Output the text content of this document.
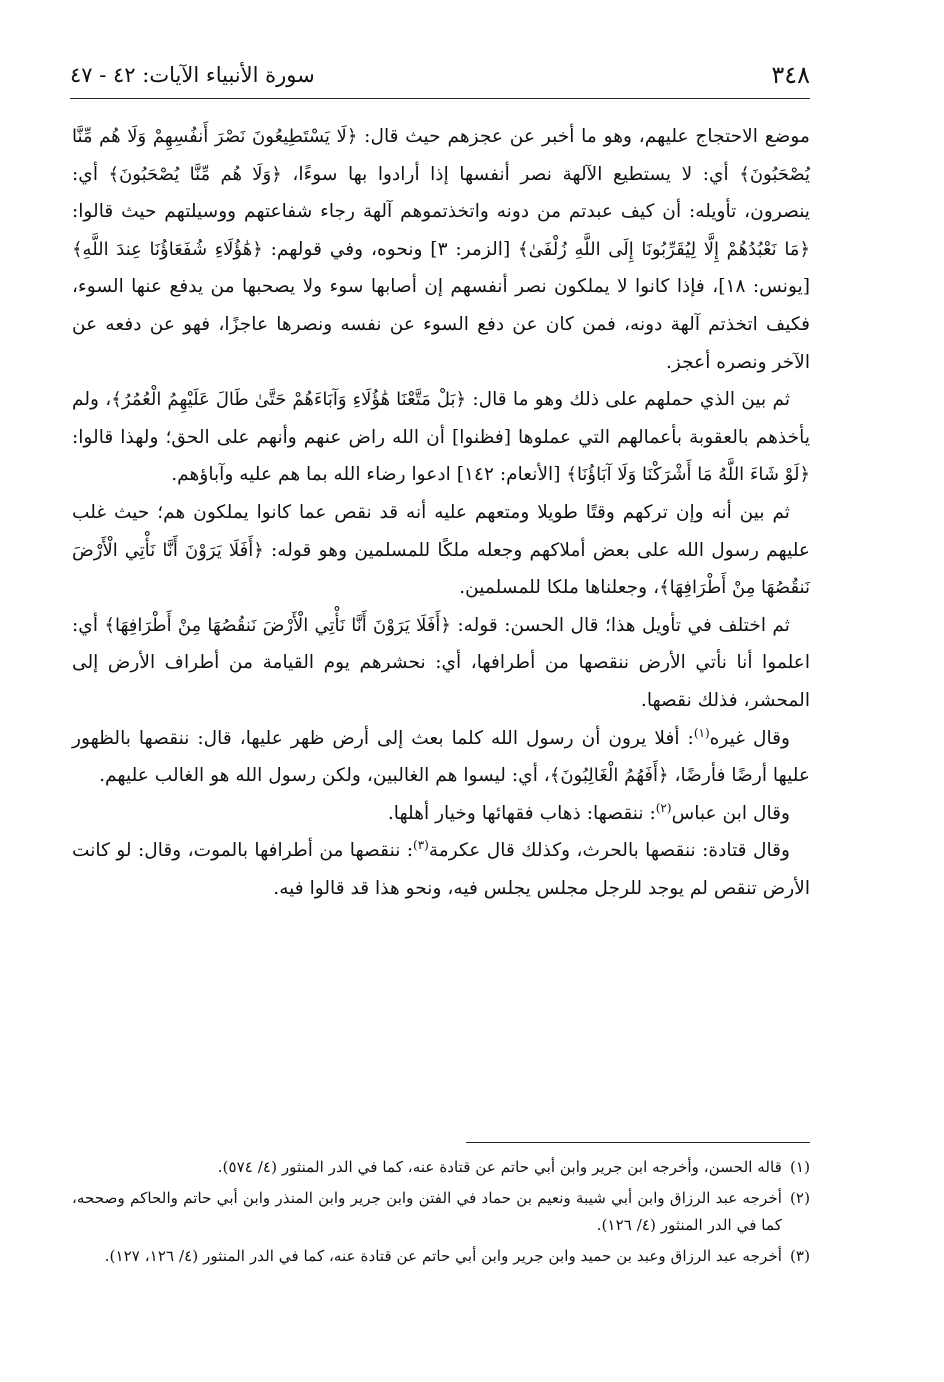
٣٤٨
سورة الأنبياء الآيات: ٤٢ - ٤٧

موضع الاحتجاج عليهم، وهو ما أخبر عن عجزهم حيث قال: ﴿لَا يَسْتَطِيعُونَ نَصْرَ أَنفُسِهِمْ وَلَا هُم مِّنَّا يُصْحَبُونَ﴾ أي: لا يستطيع الآلهة نصر أنفسها إذا أرادوا بها سوءًا، ﴿وَلَا هُم مِّنَّا يُصْحَبُونَ﴾ أي: ينصرون، تأويله: أن كيف عبدتم من دونه واتخذتموهم آلهة رجاء شفاعتهم ووسيلتهم حيث قالوا: ﴿مَا نَعْبُدُهُمْ إِلَّا لِيُقَرِّبُونَا إِلَى اللَّهِ زُلْفَىٰ﴾ [الزمر: ٣] ونحوه، وفي قولهم: ﴿هَٰؤُلَاءِ شُفَعَاؤُنَا عِندَ اللَّهِ﴾ [يونس: ١٨]، فإذا كانوا لا يملكون نصر أنفسهم إن أصابها سوء ولا يصحبها من يدفع عنها السوء، فكيف اتخذتم آلهة دونه، فمن كان عن دفع السوء عن نفسه ونصرها عاجزًا، فهو عن دفعه عن الآخر ونصره أعجز.

ثم بين الذي حملهم على ذلك وهو ما قال: ﴿بَلْ مَتَّعْنَا هَٰؤُلَاءِ وَآبَاءَهُمْ حَتَّىٰ طَالَ عَلَيْهِمُ الْعُمُرُ﴾، ولم يأخذهم بالعقوبة بأعمالهم التي عملوها [فظنوا] أن الله راض عنهم وأنهم على الحق؛ ولهذا قالوا: ﴿لَوْ شَاءَ اللَّهُ مَا أَشْرَكْنَا وَلَا آبَاؤُنَا﴾ [الأنعام: ١٤٢] ادعوا رضاء الله بما هم عليه وآباؤهم.

ثم بين أنه وإن تركهم وقتًا طويلا ومتعهم عليه أنه قد نقص عما كانوا يملكون هم؛ حيث غلب عليهم رسول الله على بعض أملاكهم وجعله ملكًا للمسلمين وهو قوله: ﴿أَفَلَا يَرَوْنَ أَنَّا نَأْتِي الْأَرْضَ نَنقُصُهَا مِنْ أَطْرَافِهَا﴾، وجعلناها ملكا للمسلمين.

ثم اختلف في تأويل هذا؛ قال الحسن: قوله: ﴿أَفَلَا يَرَوْنَ أَنَّا نَأْتِي الْأَرْضَ نَنقُصُهَا مِنْ أَطْرَافِهَا﴾ أي: اعلموا أنا نأتي الأرض ننقصها من أطرافها، أي: نحشرهم يوم القيامة من أطراف الأرض إلى المحشر، فذلك نقصها.

وقال غيره$^{(١)}$: أفلا يرون أن رسول الله كلما بعث إلى أرض ظهر عليها، قال: ننقصها بالظهور عليها أرضًا فأرضًا، ﴿أَفَهُمُ الْغَالِبُونَ﴾، أي: ليسوا هم الغالبين، ولكن رسول الله هو الغالب عليهم.

وقال ابن عباس$^{(٢)}$: ننقصها: ذهاب فقهائها وخيار أهلها.

وقال قتادة: ننقصها بالحرث، وكذلك قال عكرمة$^{(٣)}$: ننقصها من أطرافها بالموت، وقال: لو كانت الأرض تنقص لم يوجد للرجل مجلس يجلس فيه، ونحو هذا قد قالوا فيه.

(١)
قاله الحسن، وأخرجه ابن جرير وابن أبي حاتم عن قتادة عنه، كما في الدر المنثور (٤/ ٥٧٤).

(٢)
أخرجه عبد الرزاق وابن أبي شيبة ونعيم بن حماد في الفتن وابن جرير وابن المنذر وابن أبي حاتم والحاكم وصححه، كما في الدر المنثور (٤/ ١٢٦).

(٣)
أخرجه عبد الرزاق وعبد بن حميد وابن جرير وابن أبي حاتم عن قتادة عنه، كما في الدر المنثور (٤/ ١٢٦، ١٢٧).
